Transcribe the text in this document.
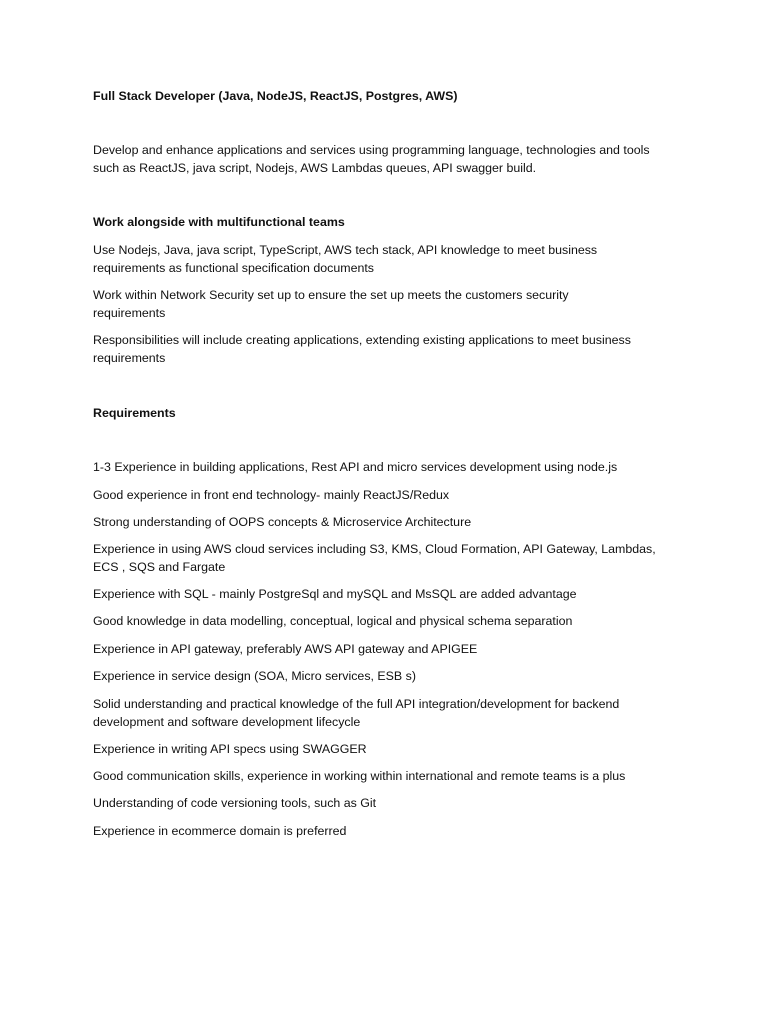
Full Stack Developer (Java, NodeJS, ReactJS, Postgres, AWS)

Develop and enhance applications and services using programming language, technologies and tools such as ReactJS, java script, Nodejs, AWS Lambdas queues, API swagger build.

Work alongside with multifunctional teams

Use Nodejs, Java, java script, TypeScript, AWS tech stack, API knowledge to meet business requirements as functional specification documents

Work within Network Security set up to ensure the set up meets the customers security requirements

Responsibilities will include creating applications, extending existing applications to meet business requirements

Requirements

1-3 Experience in building applications, Rest API and micro services development using node.js

Good experience in front end technology- mainly ReactJS/Redux

Strong understanding of OOPS concepts & Microservice Architecture

Experience in using AWS cloud services including S3, KMS, Cloud Formation, API Gateway, Lambdas, ECS , SQS and Fargate

Experience with SQL - mainly PostgreSql and mySQL and MsSQL are added advantage

Good knowledge in data modelling, conceptual, logical and physical schema separation

Experience in API gateway, preferably AWS API gateway and APIGEE

Experience in service design (SOA, Micro services, ESB s)

Solid understanding and practical knowledge of the full API integration/development for backend development and software development lifecycle

Experience in writing API specs using SWAGGER

Good communication skills, experience in working within international and remote teams is a plus

Understanding of code versioning tools, such as Git

Experience in ecommerce domain is preferred
